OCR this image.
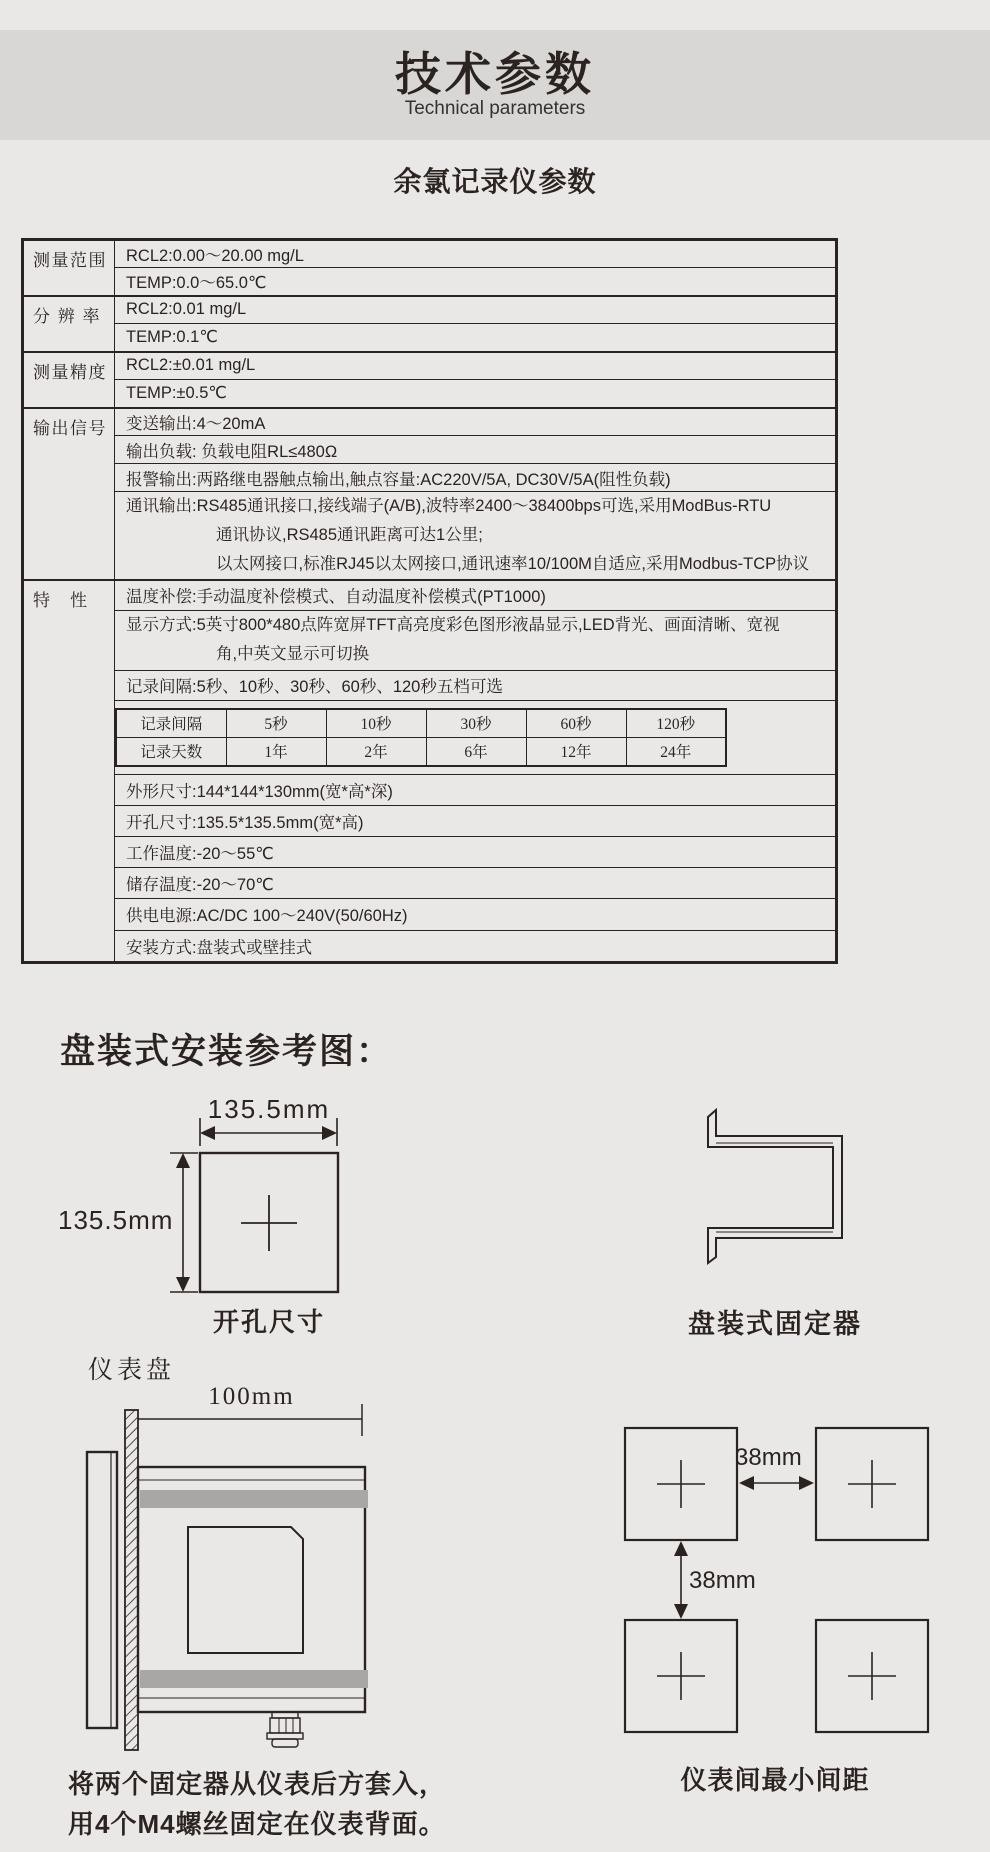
技术参数
Technical parameters
余氯记录仪参数
测量范围	RCL2:0.00～20.00 mg/L
TEMP:0.0～65.0℃
分 辨 率	RCL2:0.01 mg/L
TEMP:0.1℃
测量精度	RCL2:±0.01 mg/L
TEMP:±0.5℃
输出信号	变送输出:4～20mA
输出负载: 负载电阻RL≤480Ω
报警输出:两路继电器触点输出,触点容量:AC220V/5A, DC30V/5A(阻性负载)

通讯输出:RS485通讯接口,接线端子(A/B),波特率2400～38400bps可选,采用ModBus-RTU
通讯协议,RS485通讯距离可达1公里;
以太网接口,标准RJ45以太网接口,通讯速率10/100M自适应,采用Modbus-TCP协议

特　性	温度补偿:手动温度补偿模式、自动温度补偿模式(PT1000)

显示方式:5英寸800*480点阵宽屏TFT高亮度彩色图形液晶显示,LED背光、画面清晰、宽视
角,中英文显示可切换

记录间隔:5秒、10秒、30秒、60秒、120秒五档可选

记录间隔	5秒	10秒	30秒	60秒	120秒
记录天数	1年	2年	6年	12年	24年

外形尺寸:144*144*130mm(宽*高*深)
开孔尺寸:135.5*135.5mm(宽*高)
工作温度:-20～55℃
储存温度:-20～70℃
供电电源:AC/DC 100～240V(50/60Hz)
安装方式:盘装式或壁挂式
盘装式安装参考图：
135.5mm
135.5mm
开孔尺寸	盘装式固定器
仪表盘
100mm
38mm
38mm
仪表间最小间距
将两个固定器从仪表后方套入，
用4个M4螺丝固定在仪表背面。
